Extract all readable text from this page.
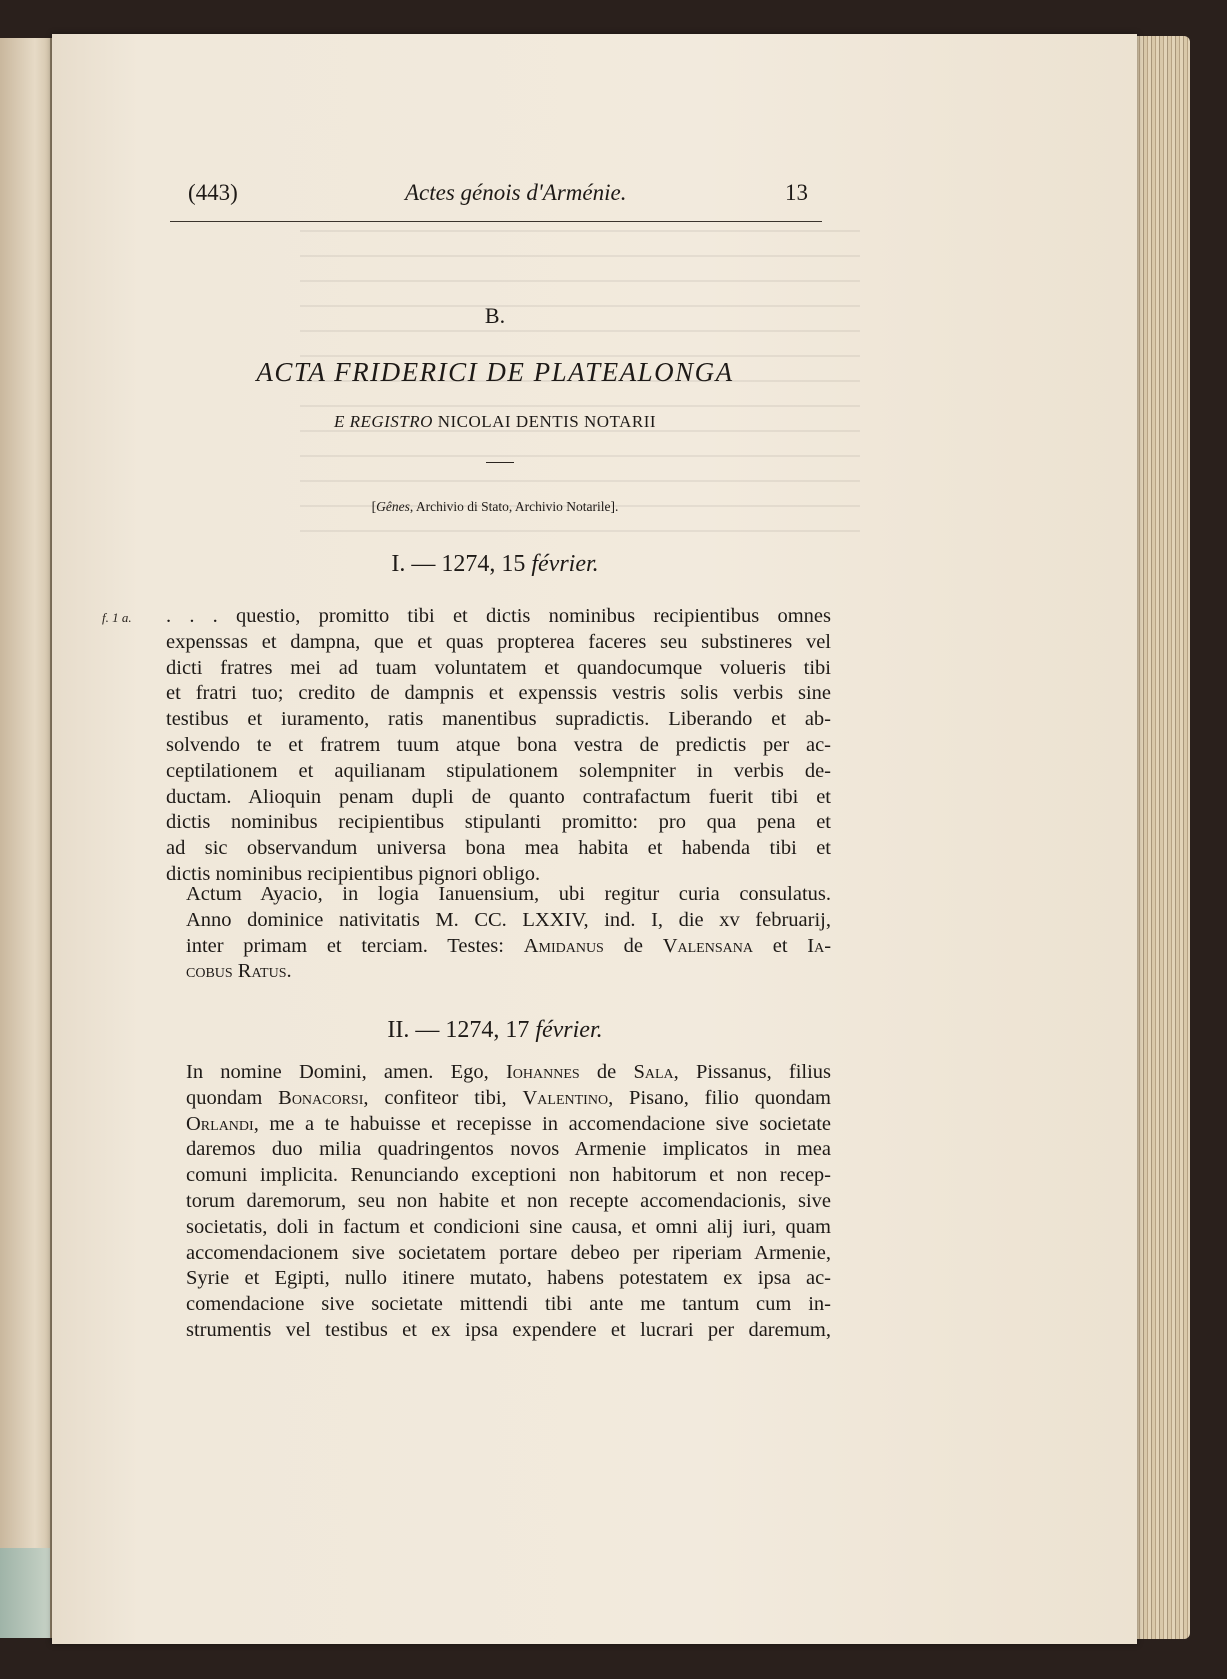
(443)	Actes génois d'Arménie.	13
B.
ACTA FRIDERICI DE PLATEALONGA
E REGISTRO NICOLAI DENTIS NOTARII
[Gênes, Archivio di Stato, Archivio Notarile].
I. — 1274, 15 février.
f. 1 a. . . . questio, promitto tibi et dictis nominibus recipientibus omnes
expenssas et dampna, que et quas propterea faceres seu substineres vel
dicti fratres mei ad tuam voluntatem et quandocumque volueris tibi
et fratri tuo; credito de dampnis et expenssis vestris solis verbis sine
testibus et iuramento, ratis manentibus supradictis. Liberando et ab-
solvendo te et fratrem tuum atque bona vestra de predictis per ac-
ceptilationem et aquilianam stipulationem solempniter in verbis de-
ductam. Alioquin penam dupli de quanto contrafactum fuerit tibi et
dictis nominibus recipientibus stipulanti promitto: pro qua pena et
ad sic observandum universa bona mea habita et habenda tibi et
dictis nominibus recipientibus pignori obligo.

Actum Ayacio, in logia Ianuensium, ubi regitur curia consulatus.
Anno dominice nativitatis M. CC. LXXIV, ind. I, die xv februarij,
inter primam et terciam. Testes: Amidanus de Valensana et Ia-
cobus Ratus.

II. — 1274, 17 février.

In nomine Domini, amen. Ego, Iohannes de Sala, Pissanus, filius
quondam Bonacorsi, confiteor tibi, Valentino, Pisano, filio quondam
Orlandi, me a te habuisse et recepisse in accomendacione sive societate
daremos duo milia quadringentos novos Armenie implicatos in mea
comuni implicita. Renunciando exceptioni non habitorum et non recep-
torum daremorum, seu non habite et non recepte accomendacionis, sive
societatis, doli in factum et condicioni sine causa, et omni alij iuri, quam
accomendacionem sive societatem portare debeo per riperiam Armenie,
Syrie et Egipti, nullo itinere mutato, habens potestatem ex ipsa ac-
comendacione sive societate mittendi tibi ante me tantum cum in-
strumentis vel testibus et ex ipsa expendere et lucrari per daremum,
